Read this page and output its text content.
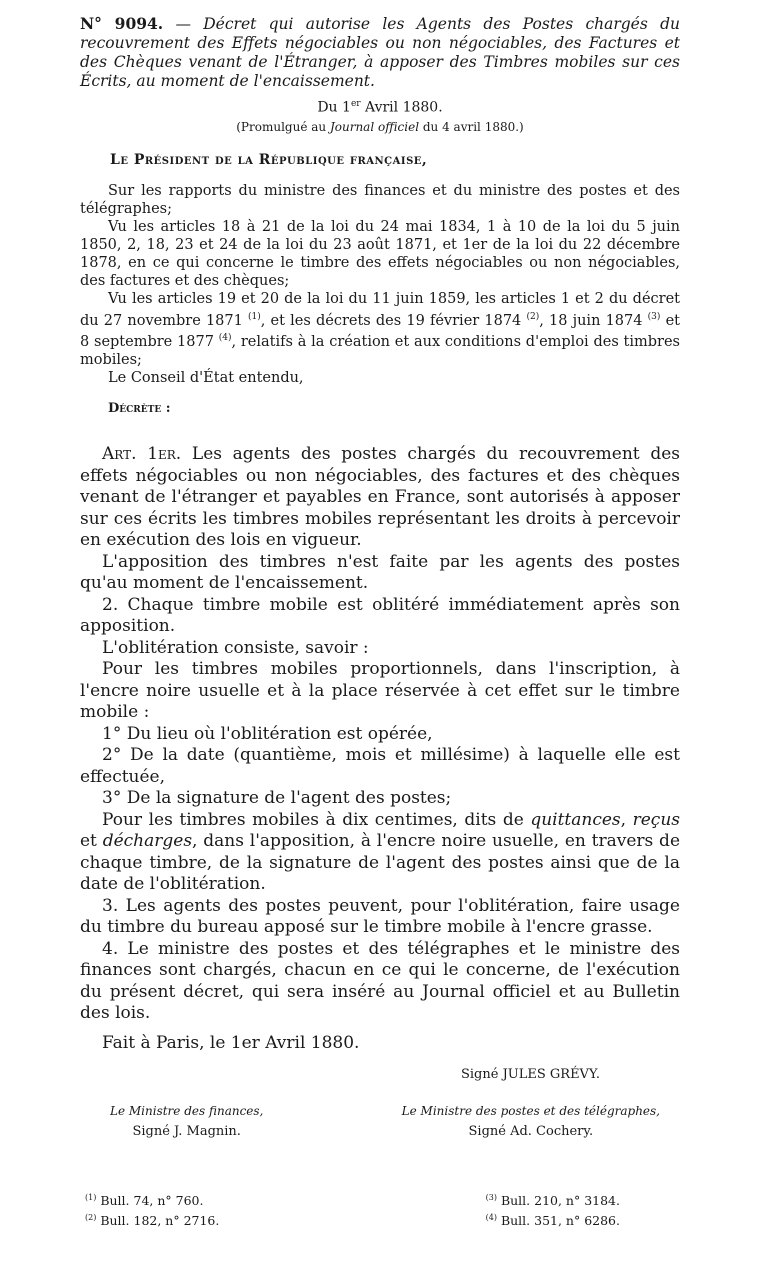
N° 9094. — Décret qui autorise les Agents des Postes chargés du recouvrement des Effets négociables ou non négociables, des Factures et des Chèques venant de l'Étranger, à apposer des Timbres mobiles sur ces Écrits, au moment de l'encaissement.

Du 1er Avril 1880.
(Promulgué au Journal officiel du 4 avril 1880.)
Le Président de la République française,

Sur les rapports du ministre des finances et du ministre des postes et des télégraphes;

Vu les articles 18 à 21 de la loi du 24 mai 1834, 1 à 10 de la loi du 5 juin 1850, 2, 18, 23 et 24 de la loi du 23 août 1871, et 1er de la loi du 22 décembre 1878, en ce qui concerne le timbre des effets négociables ou non négociables, des factures et des chèques;

Vu les articles 19 et 20 de la loi du 11 juin 1859, les articles 1 et 2 du décret du 27 novembre 1871 $^{(1)}$, et les décrets des 19 février 1874 $^{(2)}$, 18 juin 1874 $^{(3)}$ et 8 septembre 1877 $^{(4)}$, relatifs à la création et aux conditions d'emploi des timbres mobiles;

Le Conseil d'État entendu,

Décrète :

Art. 1er. Les agents des postes chargés du recouvrement des effets négociables ou non négociables, des factures et des chèques venant de l'étranger et payables en France, sont autorisés à apposer sur ces écrits les timbres mobiles représentant les droits à percevoir en exécution des lois en vigueur.

L'apposition des timbres n'est faite par les agents des postes qu'au moment de l'encaissement.

2. Chaque timbre mobile est oblitéré immédiatement après son apposition.

L'oblitération consiste, savoir :

Pour les timbres mobiles proportionnels, dans l'inscription, à l'encre noire usuelle et à la place réservée à cet effet sur le timbre mobile :

1° Du lieu où l'oblitération est opérée,

2° De la date (quantième, mois et millésime) à laquelle elle est effectuée,

3° De la signature de l'agent des postes;

Pour les timbres mobiles à dix centimes, dits de quittances, reçus et décharges, dans l'apposition, à l'encre noire usuelle, en travers de chaque timbre, de la signature de l'agent des postes ainsi que de la date de l'oblitération.

3. Les agents des postes peuvent, pour l'oblitération, faire usage du timbre du bureau apposé sur le timbre mobile à l'encre grasse.

4. Le ministre des postes et des télégraphes et le ministre des finances sont chargés, chacun en ce qui le concerne, de l'exécution du présent décret, qui sera inséré au Journal officiel et au Bulletin des lois.

Fait à Paris, le 1er Avril 1880.
Signé JULES GRÉVY.
Le Ministre des finances,
Signé J. Magnin.
Le Ministre des postes et des télégraphes,
Signé Ad. Cochery.
$^{(1)}$ Bull. 74, n° 760.
$^{(2)}$ Bull. 182, n° 2716.
$^{(3)}$ Bull. 210, n° 3184.
$^{(4)}$ Bull. 351, n° 6286.
